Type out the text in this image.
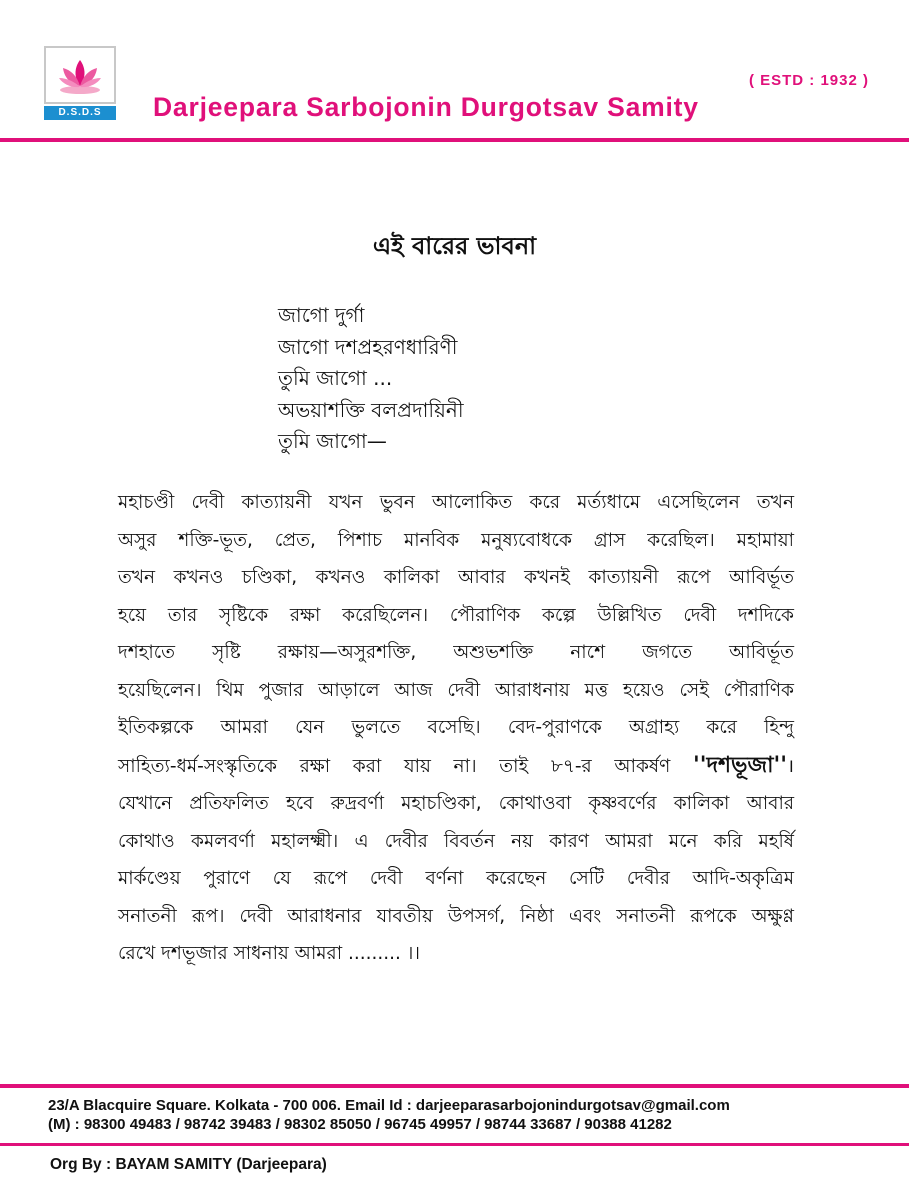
D.S.D.S
( ESTD : 1932 )
Darjeepara Sarbojonin Durgotsav Samity
এই বারের ভাবনা
জাগো দুর্গা
জাগো দশপ্রহরণধারিণী
তুমি জাগো ...
অভয়াশক্তি বলপ্রদায়িনী
তুমি জাগো—
মহাচণ্ডী দেবী কাত্যায়নী যখন ভুবন আলোকিত করে মর্ত্যধামে এসেছিলেন তখন
অসুর শক্তি-ভূত, প্রেত, পিশাচ মানবিক মনুষ্যবোধকে গ্রাস করেছিল। মহামায়া
তখন কখনও চণ্ডিকা, কখনও কালিকা আবার কখনই কাত্যায়নী রূপে আবির্ভূত
হয়ে তার সৃষ্টিকে রক্ষা করেছিলেন। পৌরাণিক কল্পে উল্লিখিত দেবী দশদিকে
দশহাতে সৃষ্টি রক্ষায়—অসুরশক্তি, অশুভশক্তি নাশে জগতে আবির্ভূত
হয়েছিলেন। থিম পুজার আড়ালে আজ দেবী আরাধনায় মত্ত হয়েও সেই পৌরাণিক
ইতিকল্পকে আমরা যেন ভুলতে বসেছি। বেদ-পুরাণকে অগ্রাহ্য করে হিন্দু
সাহিত্য-ধর্ম-সংস্কৃতিকে রক্ষা করা যায় না। তাই ৮৭-র আকর্ষণ ''দশভূজা''।
যেখানে প্রতিফলিত হবে রুদ্রবর্ণা মহাচণ্ডিকা, কোথাওবা কৃষ্ণবর্ণের কালিকা আবার
কোথাও কমলবর্ণা মহালক্ষ্মী। এ দেবীর বিবর্তন নয় কারণ আমরা মনে করি মহর্ষি
মার্কণ্ডেয় পুরাণে যে রূপে দেবী বর্ণনা করেছেন সেটি দেবীর আদি-অকৃত্রিম
সনাতনী রূপ। দেবী আরাধনার যাবতীয় উপসর্গ, নিষ্ঠা এবং সনাতনী রূপকে অক্ষুণ্ণ
রেখে দশভূজার সাধনায় আমরা ......... ।।
23/A Blacquire Square. Kolkata - 700 006. Email Id : darjeeparasarbojonindurgotsav@gmail.com
(M) : 98300 49483 / 98742 39483 / 98302 85050 / 96745 49957 / 98744 33687 / 90388 41282
Org By : BAYAM SAMITY (Darjeepara)
